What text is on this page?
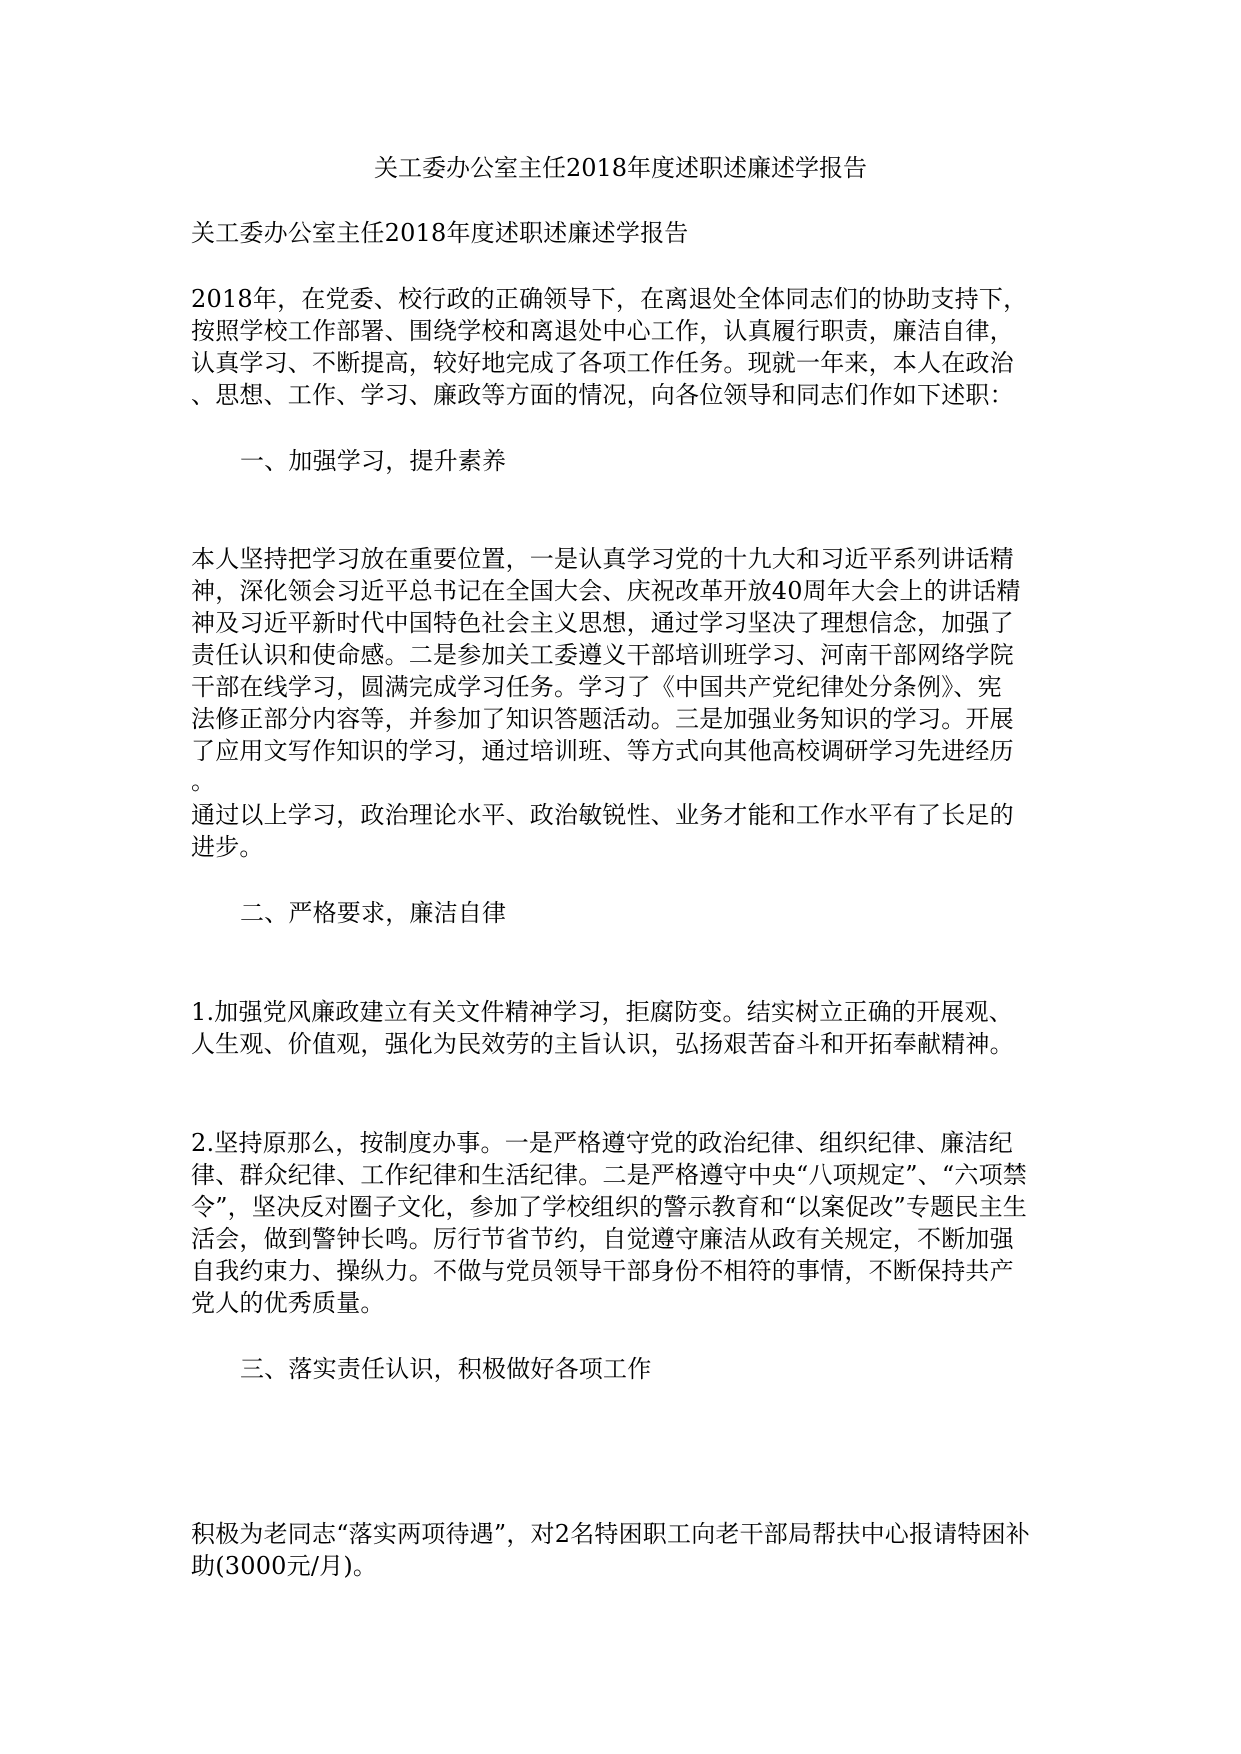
关工委办公室主任2018年度述职述廉述学报告
关工委办公室主任2018年度述职述廉述学报告
2018年，在党委、校行政的正确领导下，在离退处全体同志们的协助支持下，
按照学校工作部署、围绕学校和离退处中心工作，认真履行职责，廉洁自律，
认真学习、不断提高，较好地完成了各项工作任务。现就一年来，本人在政治
、思想、工作、学习、廉政等方面的情况，向各位领导和同志们作如下述职：
一、加强学习，提升素养
本人坚持把学习放在重要位置，一是认真学习党的十九大和习近平系列讲话精
神，深化领会习近平总书记在全国大会、庆祝改革开放40周年大会上的讲话精
神及习近平新时代中国特色社会主义思想，通过学习坚决了理想信念，加强了
责任认识和使命感。二是参加关工委遵义干部培训班学习、河南干部网络学院
干部在线学习，圆满完成学习任务。学习了《中国共产党纪律处分条例》、宪
法修正部分内容等，并参加了知识答题活动。三是加强业务知识的学习。开展
了应用文写作知识的学习，通过培训班、等方式向其他高校调研学习先进经历
。
通过以上学习，政治理论水平、政治敏锐性、业务才能和工作水平有了长足的
进步。
二、严格要求，廉洁自律
1.加强党风廉政建立有关文件精神学习，拒腐防变。结实树立正确的开展观、
人生观、价值观，强化为民效劳的主旨认识，弘扬艰苦奋斗和开拓奉献精神。
2.坚持原那么，按制度办事。一是严格遵守党的政治纪律、组织纪律、廉洁纪
律、群众纪律、工作纪律和生活纪律。二是严格遵守中央“八项规定”、“六项禁
令”，坚决反对圈子文化，参加了学校组织的警示教育和“以案促改”专题民主生
活会，做到警钟长鸣。厉行节省节约，自觉遵守廉洁从政有关规定，不断加强
自我约束力、操纵力。不做与党员领导干部身份不相符的事情，不断保持共产
党人的优秀质量。
三、落实责任认识，积极做好各项工作
积极为老同志“落实两项待遇”，对2名特困职工向老干部局帮扶中心报请特困补
助(3000元/月)。
